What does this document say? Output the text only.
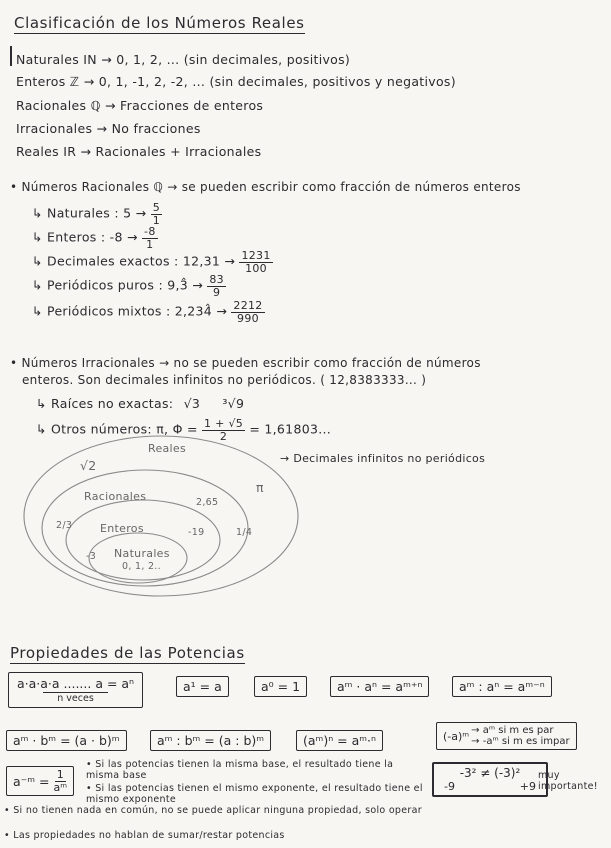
Clasificación de los Números Reales
Naturales IN → 0, 1, 2, ... (sin decimales, positivos)
Enteros ℤ → 0, 1, -1, 2, -2, ... (sin decimales, positivos y negativos)
Racionales ℚ → Fracciones de enteros
Irracionales → No fracciones
Reales IR → Racionales + Irracionales
• Números Racionales ℚ → se pueden escribir como fracción de números enteros
↳ Naturales : $5 \to \frac{5}{1}$
↳ Enteros : $-8 \to \frac{-8}{1}$
↳ Decimales exactos : $12,31 \to \frac{1231}{100}$
↳ Periódicos puros : 9,3̂ → $\frac{83}{9}$
↳ Periódicos mixtos : 2,234̂ → $\frac{2212}{990}$
• Números Irracionales → no se pueden escribir como fracción de números
enteros. Son decimales infinitos no periódicos. ( 12,8383333... )
↳ Raíces no exactas: √3 ³√9
↳ Otros números: π, $\Phi = \frac{1 + √5}{2} = 1,61803$...
Reales
Racionales
Enteros
Naturales
0, 1, 2..
√2
π
2/3
-3
2,65
-19	1/4
→ Decimales infinitos no periódicos
Propiedades de las Potencias
a·a·a·a ....... a = aⁿ
n veces
a¹ = a	a⁰ = 1	aᵐ · aⁿ = aᵐ⁺ⁿ	aᵐ : aⁿ = aᵐ⁻ⁿ
aᵐ · bᵐ = (a · b)ᵐ	aᵐ : bᵐ = (a : b)ᵐ	(aᵐ)ⁿ = aᵐ·ⁿ	(-a)ᵐ → aᵐ si m es par
→ -aᵐ si m es impar
a⁻ᵐ = $\frac{1}{\text{aᵐ}}$
• Si las potencias tienen la misma base, el resultado tiene la misma base
• Si las potencias tienen el mismo exponente, el resultado tiene el mismo exponente
• Si no tienen nada en común, no se puede aplicar ninguna propiedad, solo operar
• Las propiedades no hablan de sumar/restar potencias
-3² ≠ (-3)²
-9	+9
muy importante!
